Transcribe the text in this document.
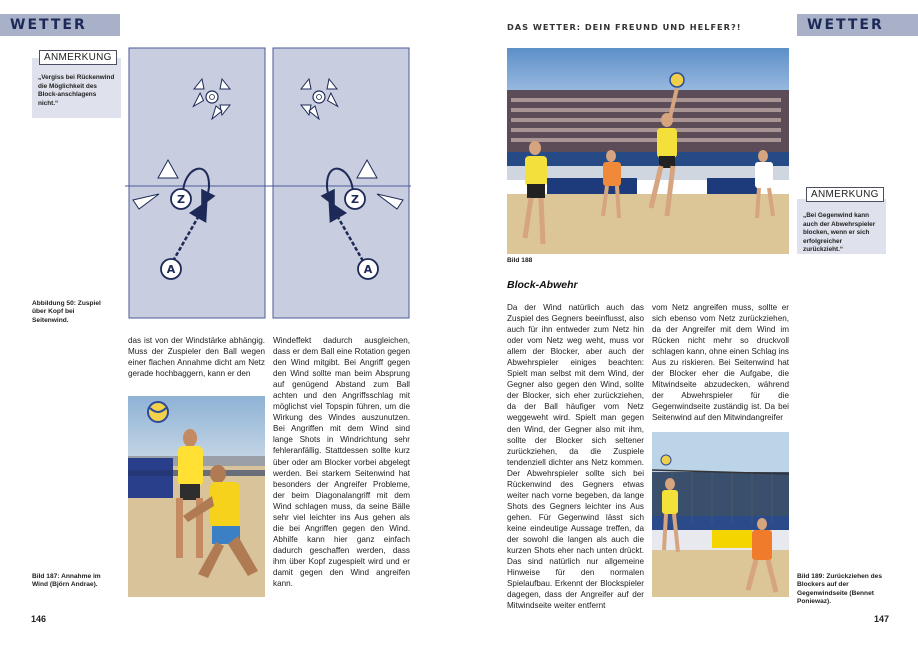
WETTER
ANMERKUNG
„Vergiss bei Rückenwind die Möglichkeit des Block-anschlagens nicht.“
Z
A
Z
A
Abbildung 50: Zuspiel über Kopf bei Seitenwind.
das ist von der Windstärke abhängig. Muss der Zuspieler den Ball wegen einer flachen Annahme dicht am Netz gerade hochbaggern, kann er den
Bild 187: Annahme im Wind (Björn Andrae).
Windeffekt dadurch ausgleichen, dass er dem Ball eine Rotation gegen den Wind mitgibt. Bei Angriff gegen den Wind sollte man beim Absprung auf genügend Abstand zum Ball achten und den Angriffsschlag mit möglichst viel Topspin führen, um die Wirkung des Windes auszunutzen. Bei Angriffen mit dem Wind sind lange Shots in Windrichtung sehr fehleranfällig. Stattdessen sollte kurz über oder am Blocker vorbei abgelegt werden. Bei starkem Seitenwind hat besonders der Angreifer Probleme, der beim Diagonalangriff mit dem Wind schlagen muss, da seine Bälle sehr viel leichter ins Aus gehen als die bei Angriffen gegen den Wind. Abhilfe kann hier ganz einfach dadurch geschaffen werden, dass ihm über Kopf zugespielt wird und er damit gegen den Wind angreifen kann.
146
DAS WETTER: DEIN FREUND UND HELFER?!	WETTER
Bild 188
ANMERKUNG
„Bei Gegenwind kann auch der Abwehrspieler blocken, wenn er sich erfolgreicher zurückzieht.“
Block-Abwehr
Da der Wind natürlich auch das Zuspiel des Gegners beeinflusst, also auch für ihn entweder zum Netz hin oder vom Netz weg weht, muss vor allem der Blocker, aber auch der Abwehrspieler einiges beachten: Spielt man selbst mit dem Wind, der Gegner also gegen den Wind, sollte der Blocker, sich eher zurückziehen, da der Ball häufiger vom Netz weggeweht wird. Spielt man gegen den Wind, der Gegner also mit ihm, sollte der Blocker sich seltener zurückziehen, da die Zuspiele tendenziell dichter ans Netz kommen. Der Abwehrspieler sollte sich bei Rückenwind des Gegners etwas weiter nach vorne begeben, da lange Shots des Gegners leichter ins Aus gehen. Für Gegenwind lässt sich keine eindeutige Aussage treffen, da der sowohl die langen als auch die kurzen Shots eher nach unten drückt. Das sind natürlich nur allgemeine Hinweise für den normalen Spielaufbau. Erkennt der Blockspieler dagegen, dass der Angreifer auf der Mitwindseite weiter entfernt
vom Netz angreifen muss, sollte er sich ebenso vom Netz zurückziehen, da der Angreifer mit dem Wind im Rücken nicht mehr so druckvoll schlagen kann, ohne einen Schlag ins Aus zu riskieren. Bei Seitenwind hat der Blocker eher die Aufgabe, die Mitwindseite abzudecken, während der Abwehrspieler für die Gegenwindseite zuständig ist. Da bei Seitenwind auf den Mitwindangreifer
Bild 189: Zurückziehen des Blockers auf der Gegenwindseite (Bennet Poniewaz).
147
